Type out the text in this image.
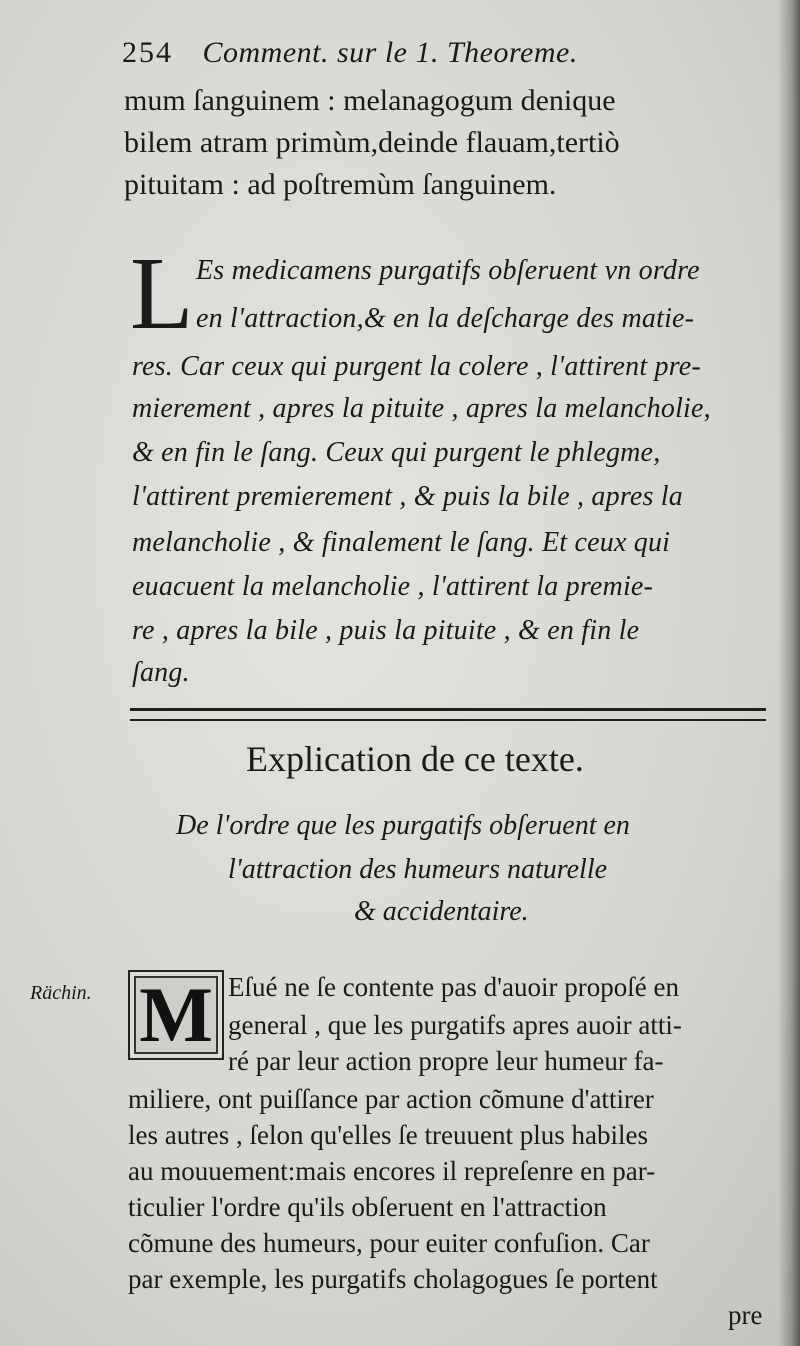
254 Comment. sur le 1. Theoreme.
mum ſanguinem : melanagogum denique
bilem atram primùm,deinde flauam,tertiò
pituitam : ad poſtremùm ſanguinem.
L Es medicamens purgatifs obſeruent vn ordre
en l'attraction,& en la deſcharge des matie-
res. Car ceux qui purgent la colere , l'attirent pre-
mierement , apres la pituite , apres la melancholie,
& en fin le ſang. Ceux qui purgent le phlegme,
l'attirent premierement , & puis la bile , apres la
melancholie , & finalement le ſang. Et ceux qui
euacuent la melancholie , l'attirent la premie-
re , apres la bile , puis la pituite , & en fin le
ſang.
Explication de ce texte.
De l'ordre que les purgatifs obſeruent en
l'attraction des humeurs naturelle
& accidentaire.
Rächin. M Eſué ne ſe contente pas d'auoir propoſé en
general , que les purgatifs apres auoir atti-
ré par leur action propre leur humeur fa-
miliere, ont puiſſance par action cõmune d'attirer
les autres , ſelon qu'elles ſe treuuent plus habiles
au mouuement:mais encores il repreſenre en par-
ticulier l'ordre qu'ils obſeruent en l'attraction
cõmune des humeurs, pour euiter confuſion. Car
par exemple, les purgatifs cholagogues ſe portent
pre
